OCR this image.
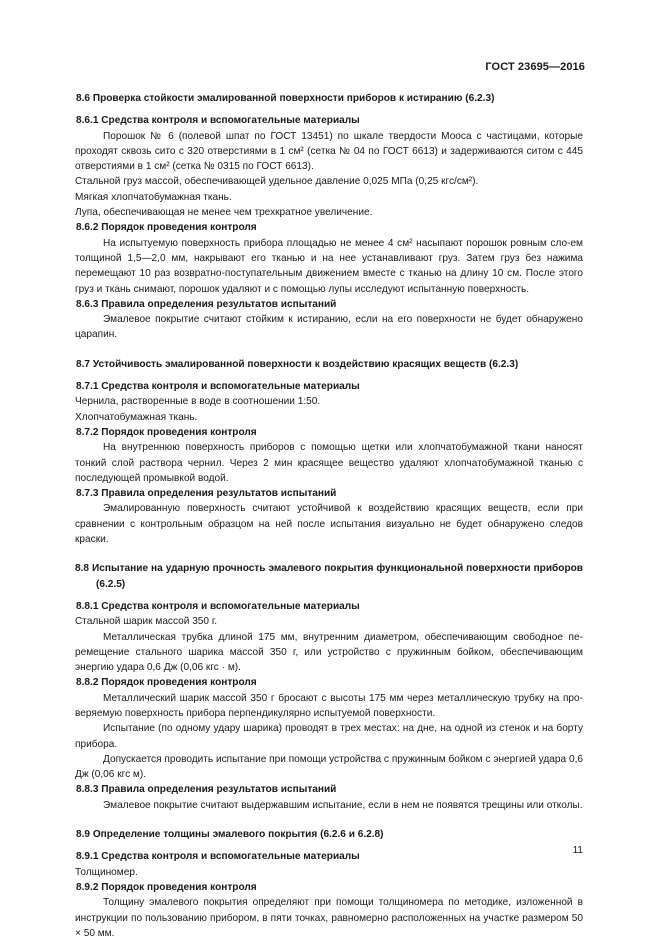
ГОСТ 23695—2016

8.6 Проверка стойкости эмалированной поверхности приборов к истиранию (6.2.3)

8.6.1 Средства контроля и вспомогательные материалы

Порошок № 6 (полевой шпат по ГОСТ 13451) по шкале твердости Мооса с частицами, которые проходят сквозь сито с 320 отверстиями в 1 см² (сетка № 04 по ГОСТ 6613) и задерживаются ситом с 445 отверстиями в 1 см² (сетка № 0315 по ГОСТ 6613).

Стальной груз массой, обеспечивающей удельное давление 0,025 МПа (0,25 кгс/см²).

Мягкая хлопчатобумажная ткань.

Лупа, обеспечивающая не менее чем трехкратное увеличение.

8.6.2 Порядок проведения контроля

На испытуемую поверхность прибора площадью не менее 4 см² насыпают порошок ровным сло-ем толщиной 1,5—2,0 мм, накрывают его тканью и на нее устанавливают груз. Затем груз без нажима перемещают 10 раз возвратно-поступательным движением вместе с тканью на длину 10 см. После этого груз и ткань снимают, порошок удаляют и с помощью лупы исследуют испытанную поверхность.

8.6.3 Правила определения результатов испытаний

Эмалевое покрытие считают стойким к истиранию, если на его поверхности не будет обнаружено царапин.

8.7 Устойчивость эмалированной поверхности к воздействию красящих веществ (6.2.3)

8.7.1 Средства контроля и вспомогательные материалы

Чернила, растворенные в воде в соотношении 1:50.

Хлопчатобумажная ткань.

8.7.2 Порядок проведения контроля

На внутреннюю поверхность приборов с помощью щетки или хлопчатобумажной ткани наносят тонкий слой раствора чернил. Через 2 мин красящее вещество удаляют хлопчатобумажной тканью с последующей промывкой водой.

8.7.3 Правила определения результатов испытаний

Эмалированную поверхность считают устойчивой к воздействию красящих веществ, если при сравнении с контрольным образцом на ней после испытания визуально не будет обнаружено следов краски.

8.8 Испытание на ударную прочность эмалевого покрытия функциональной поверхности приборов (6.2.5)

8.8.1 Средства контроля и вспомогательные материалы

Стальной шарик массой 350 г.

Металлическая трубка длиной 175 мм, внутренним диаметром, обеспечивающим свободное пе-ремещение стального шарика массой 350 г, или устройство с пружинным бойком, обеспечивающим энергию удара 0,6 Дж (0,06 кгс · м).

8.8.2 Порядок проведения контроля

Металлический шарик массой 350 г бросают с высоты 175 мм через металлическую трубку на про-веряемую поверхность прибора перпендикулярно испытуемой поверхности.

Испытание (по одному удару шарика) проводят в трех местах: на дне, на одной из стенок и на борту прибора.

Допускается проводить испытание при помощи устройства с пружинным бойком с энергией удара 0,6 Дж (0,06 кгс м).

8.8.3 Правила определения результатов испытаний

Эмалевое покрытие считают выдержавшим испытание, если в нем не появятся трещины или отколы.

8.9 Определение толщины эмалевого покрытия (6.2.6 и 6.2.8)

8.9.1 Средства контроля и вспомогательные материалы

Толщиномер.

8.9.2 Порядок проведения контроля

Толщину эмалевого покрытия определяют при помощи толщиномера по методике, изложенной в инструкции по пользованию прибором, в пяти точках, равномерно расположенных на участке размером 50 × 50 мм.

11
